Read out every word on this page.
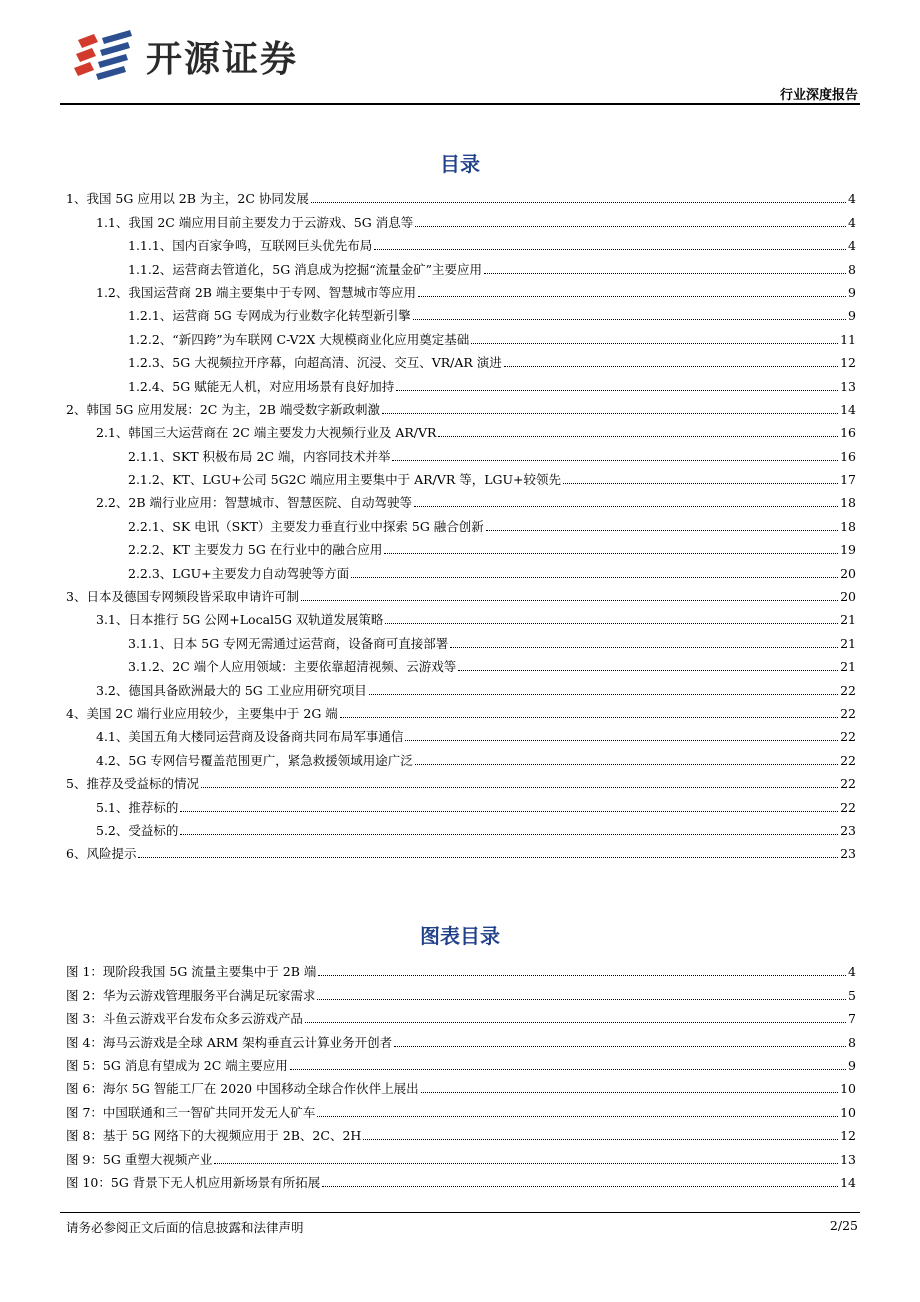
开源证券
行业深度报告
目录
1、我国 5G 应用以 2B 为主，2C 协同发展	4
1.1、我国 2C 端应用目前主要发力于云游戏、5G 消息等	4
1.1.1、国内百家争鸣，互联网巨头优先布局	4
1.1.2、运营商去管道化，5G 消息成为挖掘“流量金矿”主要应用	8
1.2、我国运营商 2B 端主要集中于专网、智慧城市等应用	9
1.2.1、运营商 5G 专网成为行业数字化转型新引擎	9
1.2.2、“新四跨”为车联网 C-V2X 大规模商业化应用奠定基础	11
1.2.3、5G 大视频拉开序幕，向超高清、沉浸、交互、VR/AR 演进	12
1.2.4、5G 赋能无人机，对应用场景有良好加持	13
2、韩国 5G 应用发展：2C 为主，2B 端受数字新政刺激	14
2.1、韩国三大运营商在 2C 端主要发力大视频行业及 AR/VR	16
2.1.1、SKT 积极布局 2C 端，内容同技术并举	16
2.1.2、KT、LGU+公司 5G2C 端应用主要集中于 AR/VR 等，LGU+较领先	17
2.2、2B 端行业应用：智慧城市、智慧医院、自动驾驶等	18
2.2.1、SK 电讯（SKT）主要发力垂直行业中探索 5G 融合创新	18
2.2.2、KT 主要发力 5G 在行业中的融合应用	19
2.2.3、LGU+主要发力自动驾驶等方面	20
3、日本及德国专网频段皆采取申请许可制	20
3.1、日本推行 5G 公网+Local5G 双轨道发展策略	21
3.1.1、日本 5G 专网无需通过运营商，设备商可直接部署	21
3.1.2、2C 端个人应用领域：主要依靠超清视频、云游戏等	21
3.2、德国具备欧洲最大的 5G 工业应用研究项目	22
4、美国 2C 端行业应用较少，主要集中于 2G 端	22
4.1、美国五角大楼同运营商及设备商共同布局军事通信	22
4.2、5G 专网信号覆盖范围更广，紧急救援领域用途广泛	22
5、推荐及受益标的情况	22
5.1、推荐标的	22
5.2、受益标的	23
6、风险提示	23
图表目录
图 1：现阶段我国 5G 流量主要集中于 2B 端	4
图 2：华为云游戏管理服务平台满足玩家需求	5
图 3：斗鱼云游戏平台发布众多云游戏产品	7
图 4：海马云游戏是全球 ARM 架构垂直云计算业务开创者	8
图 5：5G 消息有望成为 2C 端主要应用	9
图 6：海尔 5G 智能工厂在 2020 中国移动全球合作伙伴上展出	10
图 7：中国联通和三一智矿共同开发无人矿车	10
图 8：基于 5G 网络下的大视频应用于 2B、2C、2H	12
图 9：5G 重塑大视频产业	13
图 10：5G 背景下无人机应用新场景有所拓展	14
请务必参阅正文后面的信息披露和法律声明	2/25
